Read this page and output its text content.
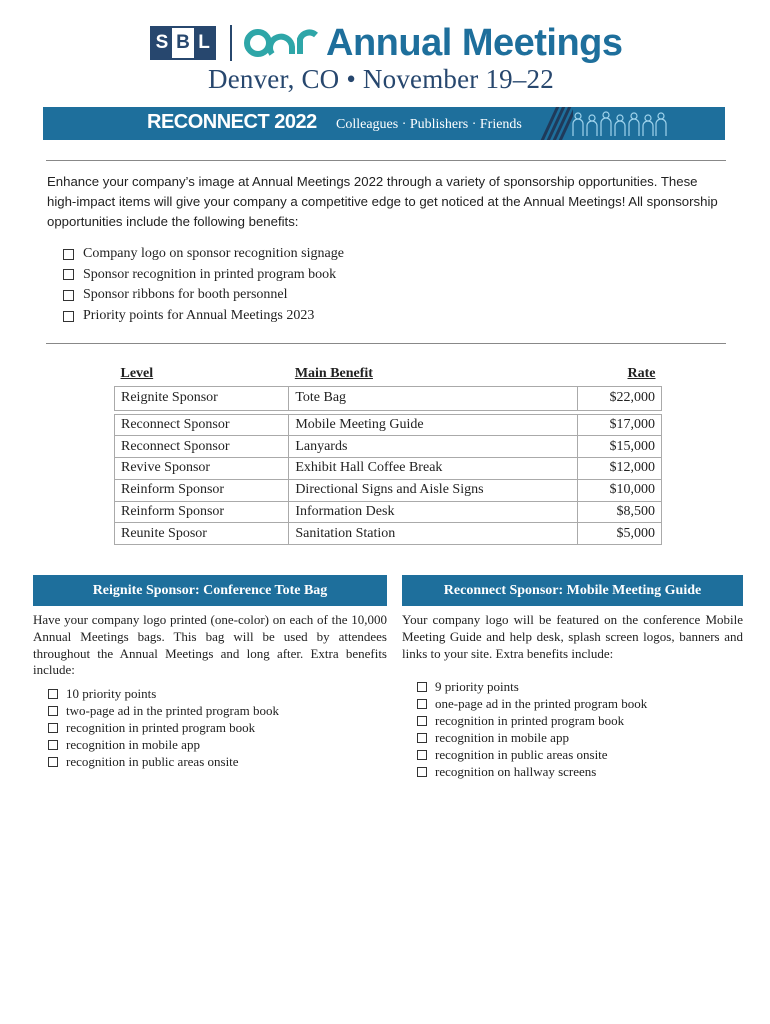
S B L	Annual Meetings
Denver, CO • November 19–22
RECONNECT 2022 Colleagues · Publishers · Friends

Enhance your company’s image at Annual Meetings 2022 through a variety of sponsorship opportunities. These high-impact items will give your company a competitive edge to get noticed at the Annual Meetings! All sponsorship opportunities include the following benefits:

Company logo on sponsor recognition signage
Sponsor recognition in printed program book
Sponsor ribbons for booth personnel
Priority points for Annual Meetings 2023
Level	Main Benefit	Rate
Reignite Sponsor	Tote Bag	$22,000

Reconnect Sponsor	Mobile Meeting Guide	$17,000
Reconnect Sponsor	Lanyards	$15,000
Revive Sponsor	Exhibit Hall Coffee Break	$12,000
Reinform Sponsor	Directional Signs and Aisle Signs	$10,000
Reinform Sponsor	Information Desk	$8,500
Reunite Sposor	Sanitation Station	$5,000
Reignite Sponsor: Conference Tote Bag

Have your company logo printed (one-color) on each of the 10,000 Annual Meetings bags. This bag will be used by attendees throughout the Annual Meetings and long after. Extra benefits include:

10 priority points
two-page ad in the printed program book
recognition in printed program book
recognition in mobile app
recognition in public areas onsite
Reconnect Sponsor: Mobile Meeting Guide

Your company logo will be featured on the conference Mobile Meeting Guide and help desk, splash screen logos, banners and links to your site. Extra benefits include:

9 priority points
one-page ad in the printed program book
recognition in printed program book
recognition in mobile app
recognition in public areas onsite
recognition on hallway screens
